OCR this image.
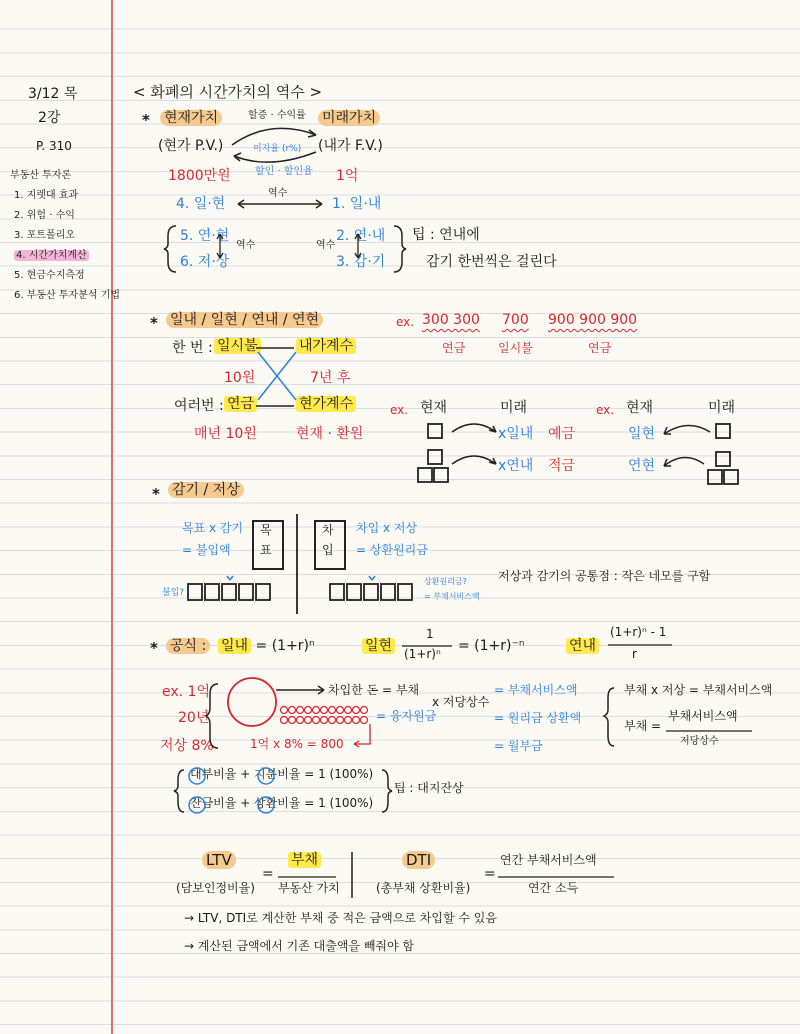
3/12 목
2강
P. 310
부동산 투자론
1. 지렛대 효과
2. 위험 · 수익
3. 포트폴리오
4. 시간가치계산
5. 현금수지측정
6. 부동산 투자분석 기법
< 화폐의 시간가치의 역수 >
* 현재가치	미래가치
할증 · 수익률
이자율 (r%)
할인 · 할인율
(현가 P.V.)	(내가 F.V.)
1800만원	1억
4. 일·현
역수
1. 일·내
5. 연·현
6. 저·상
역수
2. 연·내
3. 감·기
역수
팁 : 연내에
감기 한번씩은 걸린다
* 일내 / 일현 / 연내 / 연현	ex. 300 300 700 900 900 900
연금	일시불	연금
한 번 : 일시불	내가계수
10원	7년 후
여러번 : 연금	현가계수
매년 10원	현재 · 환원
ex. 현재	미래
x일내 예금
x연내 적금
ex. 현재	미래
일현
연현
* 감기 / 저상
목표 x 감기
= 불입액
목
표
차
입
차입 x 저상
= 상환원리금
불입?
상환원리금?
= 부채서비스액
저상과 감기의 공통점 : 작은 네모를 구함
* 공식 : 일내 = (1+r)ⁿ	일현
1
(1+r)ⁿ = (1+r)⁻ⁿ	연내
(1+r)ⁿ - 1
r
ex. 1억
20년
저상 8%
차입한 돈 = 부채
= 융자원금
x 저당상수
= 부채서비스액
= 원리금 상환액
= 월부금
1억 x 8% = 800
부채 x 저상 = 부채서비스액
부채 =
부채서비스액
저당상수
대부비율 + 지분비율 = 1 (100%)
잔금비율 + 상환비율 = 1 (100%)
팁 : 대지잔상
LTV
(담보인정비율)
=
부채
부동산 가치
DTI
(총부채 상환비율)
=
연간 부채서비스액
연간 소득
→ LTV, DTI로 계산한 부채 중 적은 금액으로 차입할 수 있음
→ 계산된 금액에서 기존 대출액을 빼줘야 함
